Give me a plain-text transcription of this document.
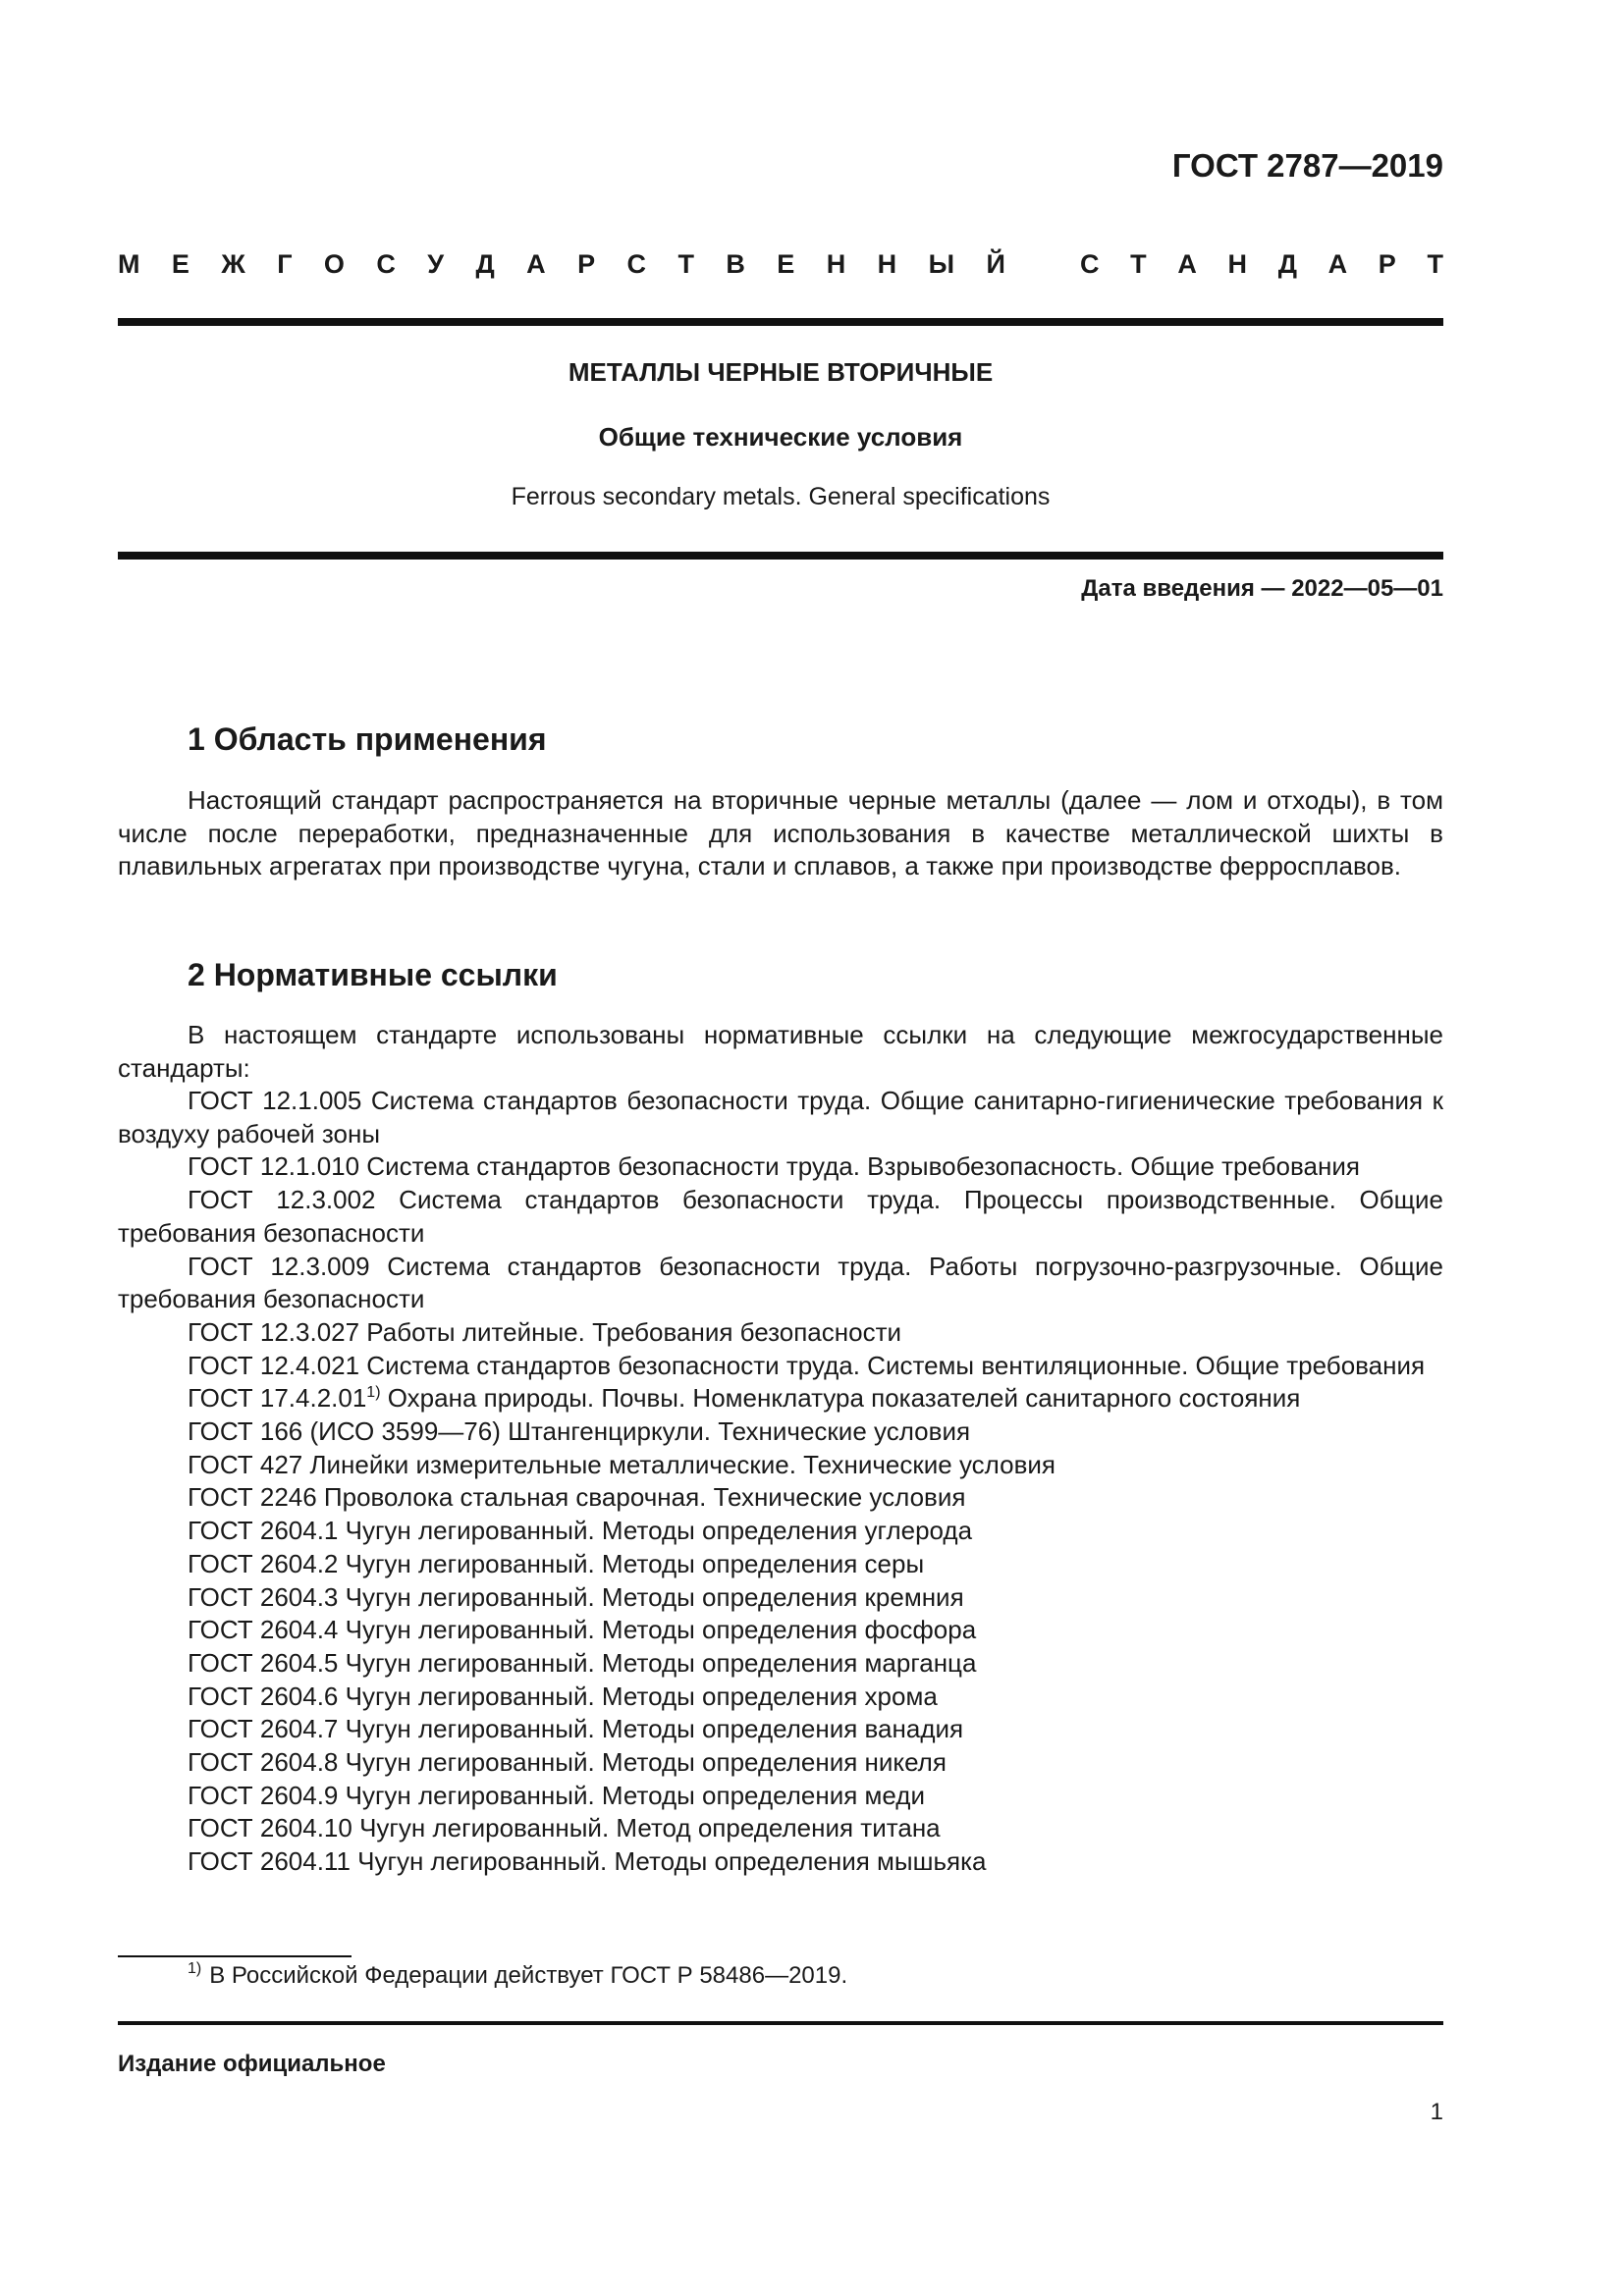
ГОСТ 2787—2019
М Е Ж Г О С У Д А Р С Т В Е Н Н Ы Й	С Т А Н Д А Р Т
МЕТАЛЛЫ ЧЕРНЫЕ ВТОРИЧНЫЕ
Общие технические условия
Ferrous secondary metals. General specifications
Дата введения — 2022—05—01
1 Область применения

Настоящий стандарт распространяется на вторичные черные металлы (далее — лом и отходы), в том числе после переработки, предназначенные для использования в качестве металлической шихты в плавильных агрегатах при производстве чугуна, стали и сплавов, а также при производстве ферросплавов.

2 Нормативные ссылки

В настоящем стандарте использованы нормативные ссылки на следующие межгосударственные стандарты:

ГОСТ 12.1.005 Система стандартов безопасности труда. Общие санитарно-гигиенические требования к воздуху рабочей зоны
ГОСТ 12.1.010 Система стандартов безопасности труда. Взрывобезопасность. Общие требования
ГОСТ 12.3.002 Система стандартов безопасности труда. Процессы производственные. Общие требования безопасности
ГОСТ 12.3.009 Система стандартов безопасности труда. Работы погрузочно-разгрузочные. Общие требования безопасности
ГОСТ 12.3.027 Работы литейные. Требования безопасности
ГОСТ 12.4.021 Система стандартов безопасности труда. Системы вентиляционные. Общие требования
ГОСТ 17.4.2.01$^{1)}$ Охрана природы. Почвы. Номенклатура показателей санитарного состояния
ГОСТ 166 (ИСО 3599—76) Штангенциркули. Технические условия
ГОСТ 427 Линейки измерительные металлические. Технические условия
ГОСТ 2246 Проволока стальная сварочная. Технические условия
ГОСТ 2604.1 Чугун легированный. Методы определения углерода
ГОСТ 2604.2 Чугун легированный. Методы определения серы
ГОСТ 2604.3 Чугун легированный. Методы определения кремния
ГОСТ 2604.4 Чугун легированный. Методы определения фосфора
ГОСТ 2604.5 Чугун легированный. Методы определения марганца
ГОСТ 2604.6 Чугун легированный. Методы определения хрома
ГОСТ 2604.7 Чугун легированный. Методы определения ванадия
ГОСТ 2604.8 Чугун легированный. Методы определения никеля
ГОСТ 2604.9 Чугун легированный. Методы определения меди
ГОСТ 2604.10 Чугун легированный. Метод определения титана
ГОСТ 2604.11 Чугун легированный. Методы определения мышьяка
$^{1)}$ В Российской Федерации действует ГОСТ Р 58486—2019.
Издание официальное
1
